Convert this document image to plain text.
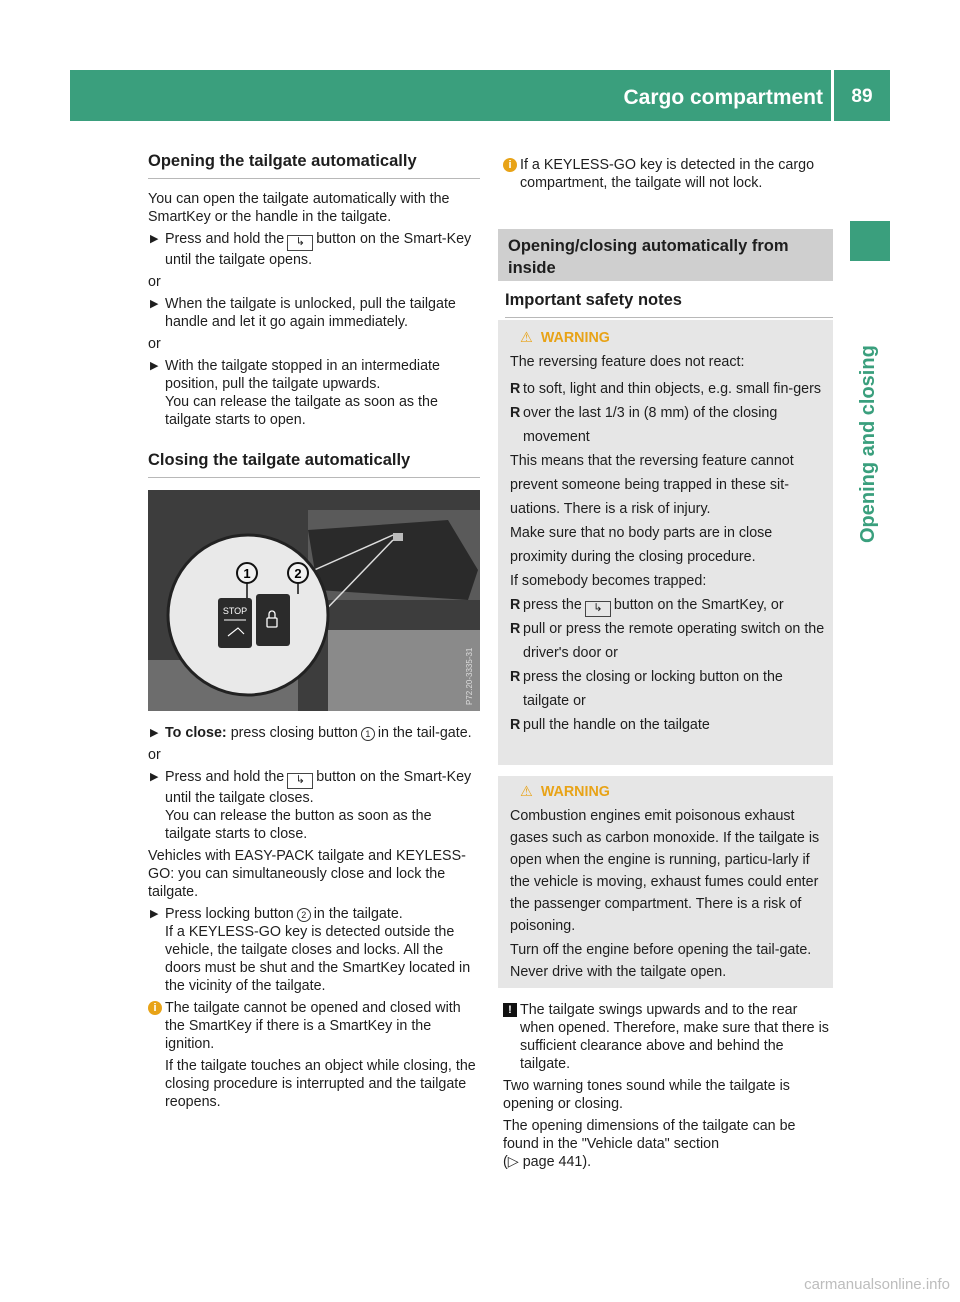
Cargo compartment	89
Opening and closing
Opening the tailgate automatically

You can open the tailgate automatically with the SmartKey or the handle in the tailgate.

▶ Press and hold the ↳ button on the Smart-Key until the tailgate opens.

or

▶ When the tailgate is unlocked, pull the tailgate handle and let it go again immediately.

or

▶ With the tailgate stopped in an intermediate position, pull the tailgate upwards.
You can release the tailgate as soon as the tailgate starts to open.
Closing the tailgate automatically
STOP
1	2
P72.20-3335-31
▶ To close: press closing button 1 in the tail-gate.

or

▶ Press and hold the ↳ button on the Smart-Key until the tailgate closes.
You can release the button as soon as the tailgate starts to close.

Vehicles with EASY-PACK tailgate and KEYLESS-GO: you can simultaneously close and lock the tailgate.

▶ Press locking button 2 in the tailgate.
If a KEYLESS-GO key is detected outside the vehicle, the tailgate closes and locks. All the doors must be shut and the SmartKey located in the vicinity of the tailgate.
i The tailgate cannot be opened and closed with the SmartKey if there is a SmartKey in the ignition.

If the tailgate touches an object while closing, the closing procedure is interrupted and the tailgate reopens.

i If a KEYLESS-GO key is detected in the cargo compartment, the tailgate will not lock.
Opening/closing automatically from inside
Important safety notes
⚠ WARNING

The reversing feature does not react:

R to soft, light and thin objects, e.g. small fin-gers
R over the last 1/3 in (8 mm) of the closing movement

This means that the reversing feature cannot prevent someone being trapped in these sit-uations. There is a risk of injury.

Make sure that no body parts are in close proximity during the closing procedure.

If somebody becomes trapped:

R press the ↳ button on the SmartKey, or
R pull or press the remote operating switch on the driver's door or
R press the closing or locking button on the tailgate or
R pull the handle on the tailgate
⚠ WARNING

Combustion engines emit poisonous exhaust gases such as carbon monoxide. If the tailgate is open when the engine is running, particu-larly if the vehicle is moving, exhaust fumes could enter the passenger compartment. There is a risk of poisoning.

Turn off the engine before opening the tail-gate. Never drive with the tailgate open.

! The tailgate swings upwards and to the rear when opened. Therefore, make sure that there is sufficient clearance above and behind the tailgate.

Two warning tones sound while the tailgate is opening or closing.

The opening dimensions of the tailgate can be found in the "Vehicle data" section

(▷ page 441).

carmanualsonline.info
